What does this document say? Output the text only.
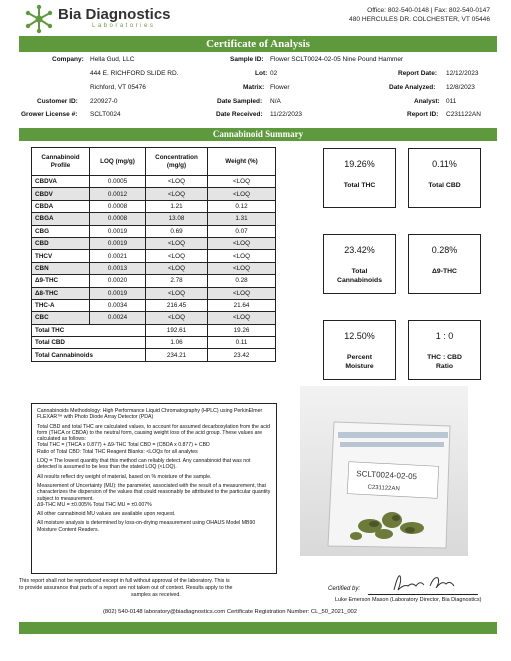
Bia Diagnostics
Laboratories
Office: 802-540-0148 | Fax: 802-540-0147
480 HERCULES DR. COLCHESTER, VT 05446
Certificate of Analysis
Company: Hella Gud, LLC
444 E. RICHFORD SLIDE RD.
Richford, VT 05476
Customer ID: 220927-0
Grower License #: SCLT0024
Sample ID: Flower SCLT0024-02-05 Nine Pound Hammer
Lot: 02
Matrix: Flower
Date Sampled: N/A
Date Received: 11/22/2023
Report Date: 12/12/2023
Date Analyzed: 12/8/2023
Analyst: 011
Report ID: C231122AN
Cannabinoid Summary
Cannabinoid Profile	LOQ (mg/g)	Concentration (mg/g)	Weight (%)
CBDVA	0.0005	<LOQ	<LOQ
CBDV	0.0012	<LOQ	<LOQ
CBDA	0.0008	1.21	0.12
CBGA	0.0008	13.08	1.31
CBG	0.0019	0.69	0.07
CBD	0.0019	<LOQ	<LOQ
THCV	0.0021	<LOQ	<LOQ
CBN	0.0013	<LOQ	<LOQ
Δ9-THC	0.0020	2.78	0.28
Δ8-THC	0.0019	<LOQ	<LOQ
THC-A	0.0034	216.45	21.64
CBC	0.0024	<LOQ	<LOQ
Total THC		192.61	19.26
Total CBD		1.06	0.11
Total Cannabinoids		234.21	23.42
19.26%
Total THC
0.11%
Total CBD
23.42%
Total
Cannabinoids
0.28%
Δ9-THC
12.50%
Percent
Moisture
1 : 0
THC : CBD
Ratio

Cannabinoids Methodology: High Performance Liquid Chromatography (HPLC) using PerkinElmer FLEXAR™ with Photo Diode Array Detector (PDA)

Total CBD and total THC are calculated values, to account for assumed decarboxylation from the acid form (THCA or CBDA) to the neutral form, causing weight loss of the acid group. These values are calculated as follows:

Total THC = (THCA x 0.877) + Δ9-THC Total CBD = (CBDA x 0.877) + CBD

Ratio of Total CBD: Total THC Reagent Blanks: <LOQs for all analytes

LOQ = The lowest quantity that this method can reliably detect. Any cannabinoid that was not detected is assumed to be less than the stated LOQ (<LOQ).

All results reflect dry weight of material, based on % moisture of the sample.

Measurement of Uncertainty (MU): the parameter, associated with the result of a measurement, that characterizes the dispersion of the values that could reasonably be attributed to the particular quantity subject to measurement.

Δ9-THC MU = ±0.005% Total THC MU = ±0.007%

All other cannabinoid MU values are available upon request.

All moisture analysis is determined by loss-on-drying measurement using OHAUS Model MB90 Moisture Content Readers.

SCLT0024-02-05
C231122AN
This report shall not be reproduced except in full without approval of the laboratory. This is
to provide assurance that parts of a report are not taken out of context. Results apply to the
samples as received.
Certified by:
Luke Emerson Mason (Laboratory Director, Bia Diagnostics)
(802) 540-0148 laboratory@biadiagnostics.com Certificate Registration Number: CL_50_2021_002
